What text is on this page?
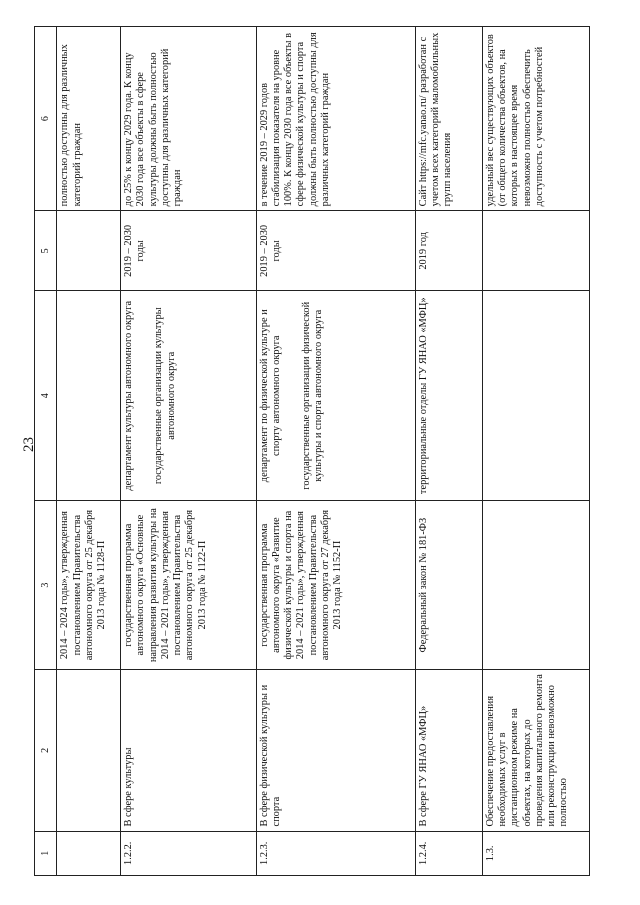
23
1	2	3	4	5	6
		2014 – 2024 годы», утвержденная постановлением Правительства автономного округа от 25 декабря 2013 года № 1128-П			полностью доступны для различных категорий граждан
1.2.2.	В сфере культуры	государственная программа автономного округа «Основные направления развития культуры на 2014 – 2021 годы», утвержденная постановлением Правительства автономного округа от 25 декабря 2013 года № 1122-П	департамент культуры автономного округа государственные организации культуры автономного округа	2019 – 2030 годы	до 25% к концу 2029 года. К концу 2030 года все объекты в сфере культуры должны быть полностью доступны для различных категорий граждан
1.2.3.	В сфере физической культуры и спорта	государственная программа автономного округа «Развитие физической культуры и спорта на 2014 – 2021 годы», утвержденная постановлением Правительства автономного округа от 27 декабря 2013 года № 1152-П	департамент по физической культуре и спорту автономного округа государственные организации физической культуры и спорта автономного округа	2019 – 2030 годы	в течение 2019 – 2029 годов стабилизация показателя на уровне 100%. К концу 2030 года все объекты в сфере физической культуры и спорта должны быть полностью доступны для различных категорий граждан
1.2.4.	В сфере ГУ ЯНАО «МФЦ»	Федеральный закон № 181-ФЗ	территориальные отделы ГУ ЯНАО «МФЦ»	2019 год	Сайт https://mfc.yanao.ru/ разработан с учетом всех категорий маломобильных групп населения
1.3.	Обеспечение предоставления необходимых услуг в дистанционном режиме на объектах, на которых до проведения капитального ремонта или реконструкции невозможно полностью				удельный вес существующих объектов (от общего количества объектов, на которых в настоящее время невозможно полностью обеспечить доступность с учетом потребностей
